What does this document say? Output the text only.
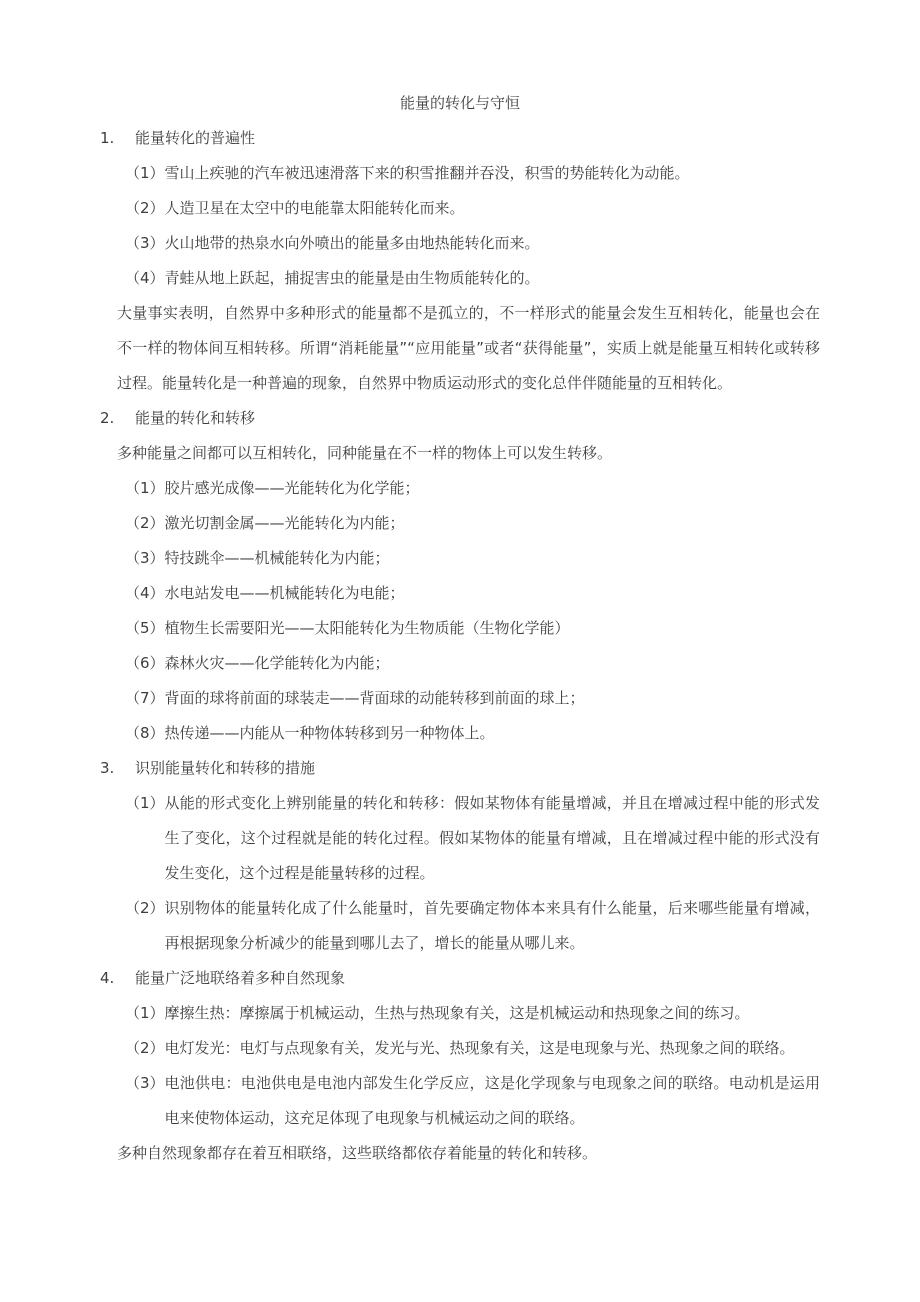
能量的转化与守恒
1. 能量转化的普遍性
（1） 雪山上疾驰的汽车被迅速滑落下来的积雪推翻并吞没，积雪的势能转化为动能。
（2） 人造卫星在太空中的电能靠太阳能转化而来。
（3） 火山地带的热泉水向外喷出的能量多由地热能转化而来。
（4） 青蛙从地上跃起，捕捉害虫的能量是由生物质能转化的。

大量事实表明，自然界中多种形式的能量都不是孤立的，不一样形式的能量会发生互相转化，能量也会在不一样的物体间互相转移。所谓“消耗能量”“应用能量”或者“获得能量”，实质上就是能量互相转化或转移过程。能量转化是一种普遍的现象，自然界中物质运动形式的变化总伴伴随能量的互相转化。

2. 能量的转化和转移

多种能量之间都可以互相转化，同种能量在不一样的物体上可以发生转移。

（1） 胶片感光成像——光能转化为化学能；
（2） 激光切割金属——光能转化为内能；
（3） 特技跳伞——机械能转化为内能；
（4） 水电站发电——机械能转化为电能；
（5） 植物生长需要阳光——太阳能转化为生物质能（生物化学能）
（6） 森林火灾——化学能转化为内能；
（7） 背面的球将前面的球装走——背面球的动能转移到前面的球上；
（8） 热传递——内能从一种物体转移到另一种物体上。
3. 识别能量转化和转移的措施
（1） 从能的形式变化上辨别能量的转化和转移：假如某物体有能量增减，并且在增减过程中能的形式发生了变化，这个过程就是能的转化过程。假如某物体的能量有增减，且在增减过程中能的形式没有发生变化，这个过程是能量转移的过程。
（2） 识别物体的能量转化成了什么能量时，首先要确定物体本来具有什么能量，后来哪些能量有增减，再根据现象分析减少的能量到哪儿去了，增长的能量从哪儿来。
4. 能量广泛地联络着多种自然现象
（1） 摩擦生热：摩擦属于机械运动，生热与热现象有关，这是机械运动和热现象之间的练习。
（2） 电灯发光：电灯与点现象有关，发光与光、热现象有关，这是电现象与光、热现象之间的联络。
（3） 电池供电：电池供电是电池内部发生化学反应，这是化学现象与电现象之间的联络。电动机是运用电来使物体运动，这充足体现了电现象与机械运动之间的联络。

多种自然现象都存在着互相联络，这些联络都依存着能量的转化和转移。
